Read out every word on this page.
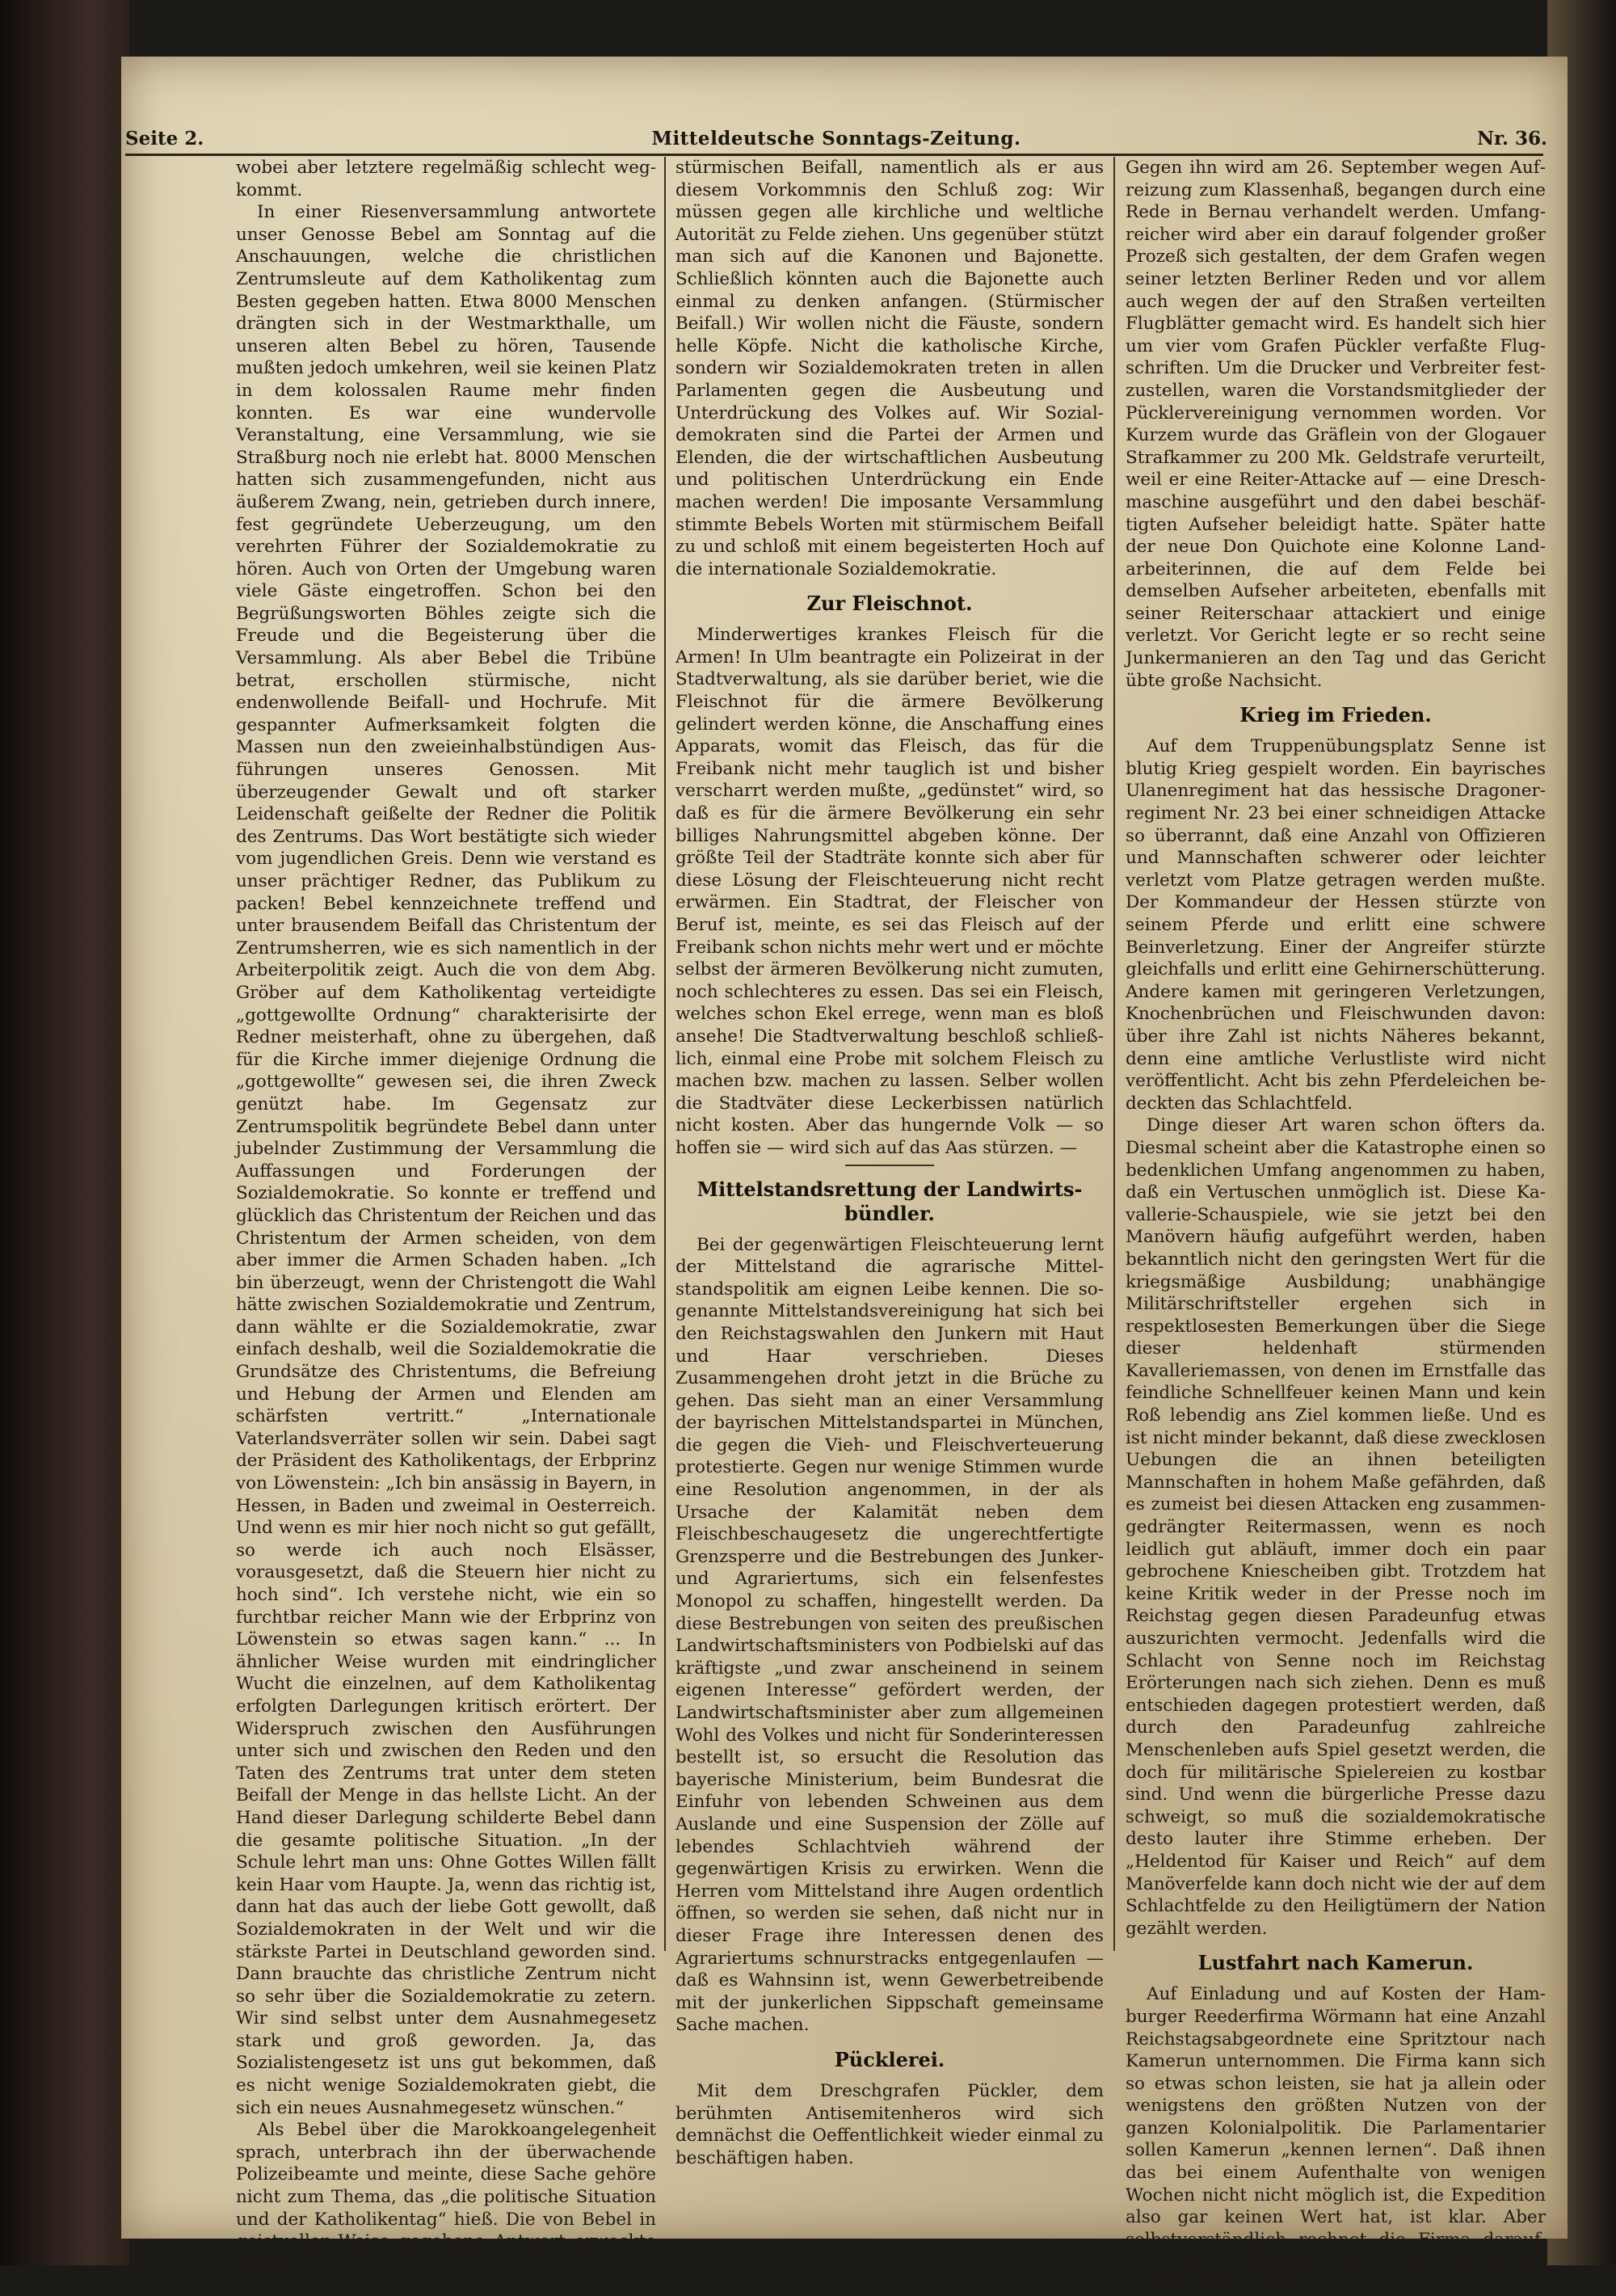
Seite 2.	Mitteldeutsche Sonntags-Zeitung.	Nr. 36.

wobei aber letztere regelmäßig schlecht wegkommt.

In einer Riesenversammlung antwortete unser Genosse Bebel am Sonntag auf die Anschauungen, welche die christlichen Zentrumsleute auf dem Katholikentag zum Besten gegeben hatten. Etwa 8000 Menschen drängten sich in der Westmarkthalle, um unseren alten Bebel zu hören, Tausende mußten jedoch umkehren, weil sie keinen Platz in dem kolossalen Raume mehr finden konnten. Es war eine wundervolle Veranstaltung, eine Versammlung, wie sie Straßburg noch nie erlebt hat. 8000 Menschen hatten sich zusammengefunden, nicht aus äußerem Zwang, nein, getrieben durch innere, fest gegründete Ueberzeugung, um den verehrten Führer der Sozialdemokratie zu hören. Auch von Orten der Umgebung waren viele Gäste eingetroffen. Schon bei den Begrüßungsworten Böhles zeigte sich die Freude und die Begeisterung über die Versammlung. Als aber Bebel die Tribüne betrat, erschollen stürmische, nicht endenwollende Beifall- und Hochrufe. Mit gespannter Aufmerksamkeit folgten die Massen nun den zweieinhalbstündigen Ausführungen unseres Genossen. Mit überzeugender Gewalt und oft starker Leidenschaft geißelte der Redner die Politik des Zentrums. Das Wort bestätigte sich wieder vom jugendlichen Greis. Denn wie verstand es unser prächtiger Redner, das Publikum zu packen! Bebel kennzeichnete treffend und unter brausendem Beifall das Christentum der Zentrumsherren, wie es sich namentlich in der Arbeiterpolitik zeigt. Auch die von dem Abg. Gröber auf dem Katholikentag verteidigte „gottgewollte Ordnung“ charakterisirte der Redner meisterhaft, ohne zu übergehen, daß für die Kirche immer diejenige Ordnung die „gottgewollte“ gewesen sei, die ihren Zweck genützt habe. Im Gegensatz zur Zentrumspolitik begründete Bebel dann unter jubelnder Zustimmung der Versammlung die Auffassungen und Forderungen der Sozialdemokratie. So konnte er treffend und glücklich das Christentum der Reichen und das Christentum der Armen scheiden, von dem aber immer die Armen Schaden haben. „Ich bin überzeugt, wenn der Christengott die Wahl hätte zwischen Sozialdemokratie und Zentrum, dann wählte er die Sozialdemokratie, zwar einfach deshalb, weil die Sozialdemokratie die Grundsätze des Christentums, die Befreiung und Hebung der Armen und Elenden am schärfsten vertritt.“ „Internationale Vaterlandsverräter sollen wir sein. Dabei sagt der Präsident des Katholikentags, der Erbprinz von Löwenstein: „Ich bin ansässig in Bayern, in Hessen, in Baden und zweimal in Oesterreich. Und wenn es mir hier noch nicht so gut gefällt, so werde ich auch noch Elsässer, vorausgesetzt, daß die Steuern hier nicht zu hoch sind“. Ich verstehe nicht, wie ein so furchtbar reicher Mann wie der Erbprinz von Löwenstein so etwas sagen kann.“ ... In ähnlicher Weise wurden mit eindringlicher Wucht die einzelnen, auf dem Katholikentag erfolgten Darlegungen kritisch erörtert. Der Widerspruch zwischen den Ausführungen unter sich und zwischen den Reden und den Taten des Zentrums trat unter dem steten Beifall der Menge in das hellste Licht. An der Hand dieser Darlegung schilderte Bebel dann die gesamte politische Situation. „In der Schule lehrt man uns: Ohne Gottes Willen fällt kein Haar vom Haupte. Ja, wenn das richtig ist, dann hat das auch der liebe Gott gewollt, daß Sozialdemokraten in der Welt und wir die stärkste Partei in Deutschland geworden sind. Dann brauchte das christliche Zentrum nicht so sehr über die Sozialdemokratie zu zetern. Wir sind selbst unter dem Ausnahmegesetz stark und groß geworden. Ja, das Sozialistengesetz ist uns gut bekommen, daß es nicht wenige Sozialdemokraten giebt, die sich ein neues Ausnahmegesetz wünschen.“

Als Bebel über die Marokkoangelegenheit sprach, unterbrach ihn der überwachende Polizeibeamte und meinte, diese Sache gehöre nicht zum Thema, das „die politische Situation und der Katholikentag“ hieß. Die von Bebel in geistvoller Weise gegebene Antwort erweckte wieder

stürmischen Beifall, namentlich als er aus diesem Vorkommnis den Schluß zog: Wir müssen gegen alle kirchliche und weltliche Autorität zu Felde ziehen. Uns gegenüber stützt man sich auf die Kanonen und Bajonette. Schließlich könnten auch die Bajonette auch einmal zu denken anfangen. (Stürmischer Beifall.) Wir wollen nicht die Fäuste, sondern helle Köpfe. Nicht die katholische Kirche, sondern wir Sozialdemokraten treten in allen Parlamenten gegen die Ausbeutung und Unterdrückung des Volkes auf. Wir Sozialdemokraten sind die Partei der Armen und Elenden, die der wirtschaftlichen Ausbeutung und politischen Unterdrückung ein Ende machen werden! Die imposante Versammlung stimmte Bebels Worten mit stürmischem Beifall zu und schloß mit einem begeisterten Hoch auf die internationale Sozialdemokratie.

Zur Fleischnot.

Minderwertiges krankes Fleisch für die Armen! In Ulm beantragte ein Polizeirat in der Stadtverwaltung, als sie darüber beriet, wie die Fleischnot für die ärmere Bevölkerung gelindert werden könne, die Anschaffung eines Apparats, womit das Fleisch, das für die Freibank nicht mehr tauglich ist und bisher verscharrt werden mußte, „gedünstet“ wird, so daß es für die ärmere Bevölkerung ein sehr billiges Nahrungsmittel abgeben könne. Der größte Teil der Stadträte konnte sich aber für diese Lösung der Fleischteuerung nicht recht erwärmen. Ein Stadtrat, der Fleischer von Beruf ist, meinte, es sei das Fleisch auf der Freibank schon nichts mehr wert und er möchte selbst der ärmeren Bevölkerung nicht zumuten, noch schlechteres zu essen. Das sei ein Fleisch, welches schon Ekel errege, wenn man es bloß ansehe! Die Stadtverwaltung beschloß schließlich, einmal eine Probe mit solchem Fleisch zu machen bzw. machen zu lassen. Selber wollen die Stadtväter diese Leckerbissen natürlich nicht kosten. Aber das hungernde Volk — so hoffen sie — wird sich auf das Aas stürzen. —

Mittelstandsrettung der Landwirtsbündler.

Bei der gegenwärtigen Fleischteuerung lernt der Mittelstand die agrarische Mittelstandspolitik am eignen Leibe kennen. Die sogenannte Mittelstandsvereinigung hat sich bei den Reichstagswahlen den Junkern mit Haut und Haar verschrieben. Dieses Zusammengehen droht jetzt in die Brüche zu gehen. Das sieht man an einer Versammlung der bayrischen Mittelstandspartei in München, die gegen die Vieh- und Fleischverteuerung protestierte. Gegen nur wenige Stimmen wurde eine Resolution angenommen, in der als Ursache der Kalamität neben dem Fleischbeschaugesetz die ungerechtfertigte Grenzsperre und die Bestrebungen des Junker- und Agrariertums, sich ein felsenfestes Monopol zu schaffen, hingestellt werden. Da diese Bestrebungen von seiten des preußischen Landwirtschaftsministers von Podbielski auf das kräftigste „und zwar anscheinend in seinem eigenen Interesse“ gefördert werden, der Landwirtschaftsminister aber zum allgemeinen Wohl des Volkes und nicht für Sonderinteressen bestellt ist, so ersucht die Resolution das bayerische Ministerium, beim Bundesrat die Einfuhr von lebenden Schweinen aus dem Auslande und eine Suspension der Zölle auf lebendes Schlachtvieh während der gegenwärtigen Krisis zu erwirken. Wenn die Herren vom Mittelstand ihre Augen ordentlich öffnen, so werden sie sehen, daß nicht nur in dieser Frage ihre Interessen denen des Agrariertums schnurstracks entgegenlaufen — daß es Wahnsinn ist, wenn Gewerbetreibende mit der junkerlichen Sippschaft gemeinsame Sache machen.

Pücklerei.

Mit dem Dreschgrafen Pückler, dem berühmten Antisemitenheros wird sich demnächst die Oeffentlichkeit wieder einmal zu beschäftigen haben.

Gegen ihn wird am 26. September wegen Aufreizung zum Klassenhaß, begangen durch eine Rede in Bernau verhandelt werden. Umfangreicher wird aber ein darauf folgender großer Prozeß sich gestalten, der dem Grafen wegen seiner letzten Berliner Reden und vor allem auch wegen der auf den Straßen verteilten Flugblätter gemacht wird. Es handelt sich hier um vier vom Grafen Pückler verfaßte Flugschriften. Um die Drucker und Verbreiter festzustellen, waren die Vorstandsmitglieder der Pücklervereinigung vernommen worden. Vor Kurzem wurde das Gräflein von der Glogauer Strafkammer zu 200 Mk. Geldstrafe verurteilt, weil er eine Reiter-Attacke auf — eine Dreschmaschine ausgeführt und den dabei beschäftigten Aufseher beleidigt hatte. Später hatte der neue Don Quichote eine Kolonne Landarbeiterinnen, die auf dem Felde bei demselben Aufseher arbeiteten, ebenfalls mit seiner Reiterschaar attackiert und einige verletzt. Vor Gericht legte er so recht seine Junkermanieren an den Tag und das Gericht übte große Nachsicht.

Krieg im Frieden.

Auf dem Truppenübungsplatz Senne ist blutig Krieg gespielt worden. Ein bayrisches Ulanenregiment hat das hessische Dragonerregiment Nr. 23 bei einer schneidigen Attacke so überrannt, daß eine Anzahl von Offizieren und Mannschaften schwerer oder leichter verletzt vom Platze getragen werden mußte. Der Kommandeur der Hessen stürzte von seinem Pferde und erlitt eine schwere Beinverletzung. Einer der Angreifer stürzte gleichfalls und erlitt eine Gehirnerschütterung. Andere kamen mit geringeren Verletzungen, Knochenbrüchen und Fleischwunden davon: über ihre Zahl ist nichts Näheres bekannt, denn eine amtliche Verlustliste wird nicht veröffentlicht. Acht bis zehn Pferdeleichen bedeckten das Schlachtfeld.

Dinge dieser Art waren schon öfters da. Diesmal scheint aber die Katastrophe einen so bedenklichen Umfang angenommen zu haben, daß ein Vertuschen unmöglich ist. Diese Kavallerie-Schauspiele, wie sie jetzt bei den Manövern häufig aufgeführt werden, haben bekanntlich nicht den geringsten Wert für die kriegsmäßige Ausbildung; unabhängige Militärschriftsteller ergehen sich in respektlosesten Bemerkungen über die Siege dieser heldenhaft stürmenden Kavalleriemassen, von denen im Ernstfalle das feindliche Schnellfeuer keinen Mann und kein Roß lebendig ans Ziel kommen ließe. Und es ist nicht minder bekannt, daß diese zwecklosen Uebungen die an ihnen beteiligten Mannschaften in hohem Maße gefährden, daß es zumeist bei diesen Attacken eng zusammengedrängter Reitermassen, wenn es noch leidlich gut abläuft, immer doch ein paar gebrochene Kniescheiben gibt. Trotzdem hat keine Kritik weder in der Presse noch im Reichstag gegen diesen Paradeunfug etwas auszurichten vermocht. Jedenfalls wird die Schlacht von Senne noch im Reichstag Erörterungen nach sich ziehen. Denn es muß entschieden dagegen protestiert werden, daß durch den Paradeunfug zahlreiche Menschenleben aufs Spiel gesetzt werden, die doch für militärische Spielereien zu kostbar sind. Und wenn die bürgerliche Presse dazu schweigt, so muß die sozialdemokratische desto lauter ihre Stimme erheben. Der „Heldentod für Kaiser und Reich“ auf dem Manöverfelde kann doch nicht wie der auf dem Schlachtfelde zu den Heiligtümern der Nation gezählt werden.

Lustfahrt nach Kamerun.

Auf Einladung und auf Kosten der Hamburger Reederfirma Wörmann hat eine Anzahl Reichstagsabgeordnete eine Spritztour nach Kamerun unternommen. Die Firma kann sich so etwas schon leisten, sie hat ja allein oder wenigstens den größten Nutzen von der ganzen Kolonialpolitik. Die Parlamentarier sollen Kamerun „kennen lernen“. Daß ihnen das bei einem Aufenthalte von wenigen Wochen nicht nicht möglich ist, die Expedition also gar keinen Wert hat, ist klar. Aber selbstverständlich rechnet die Firma darauf, daß die Teilnehmer der Fahrt dann aus Dankbarkeit sich be
